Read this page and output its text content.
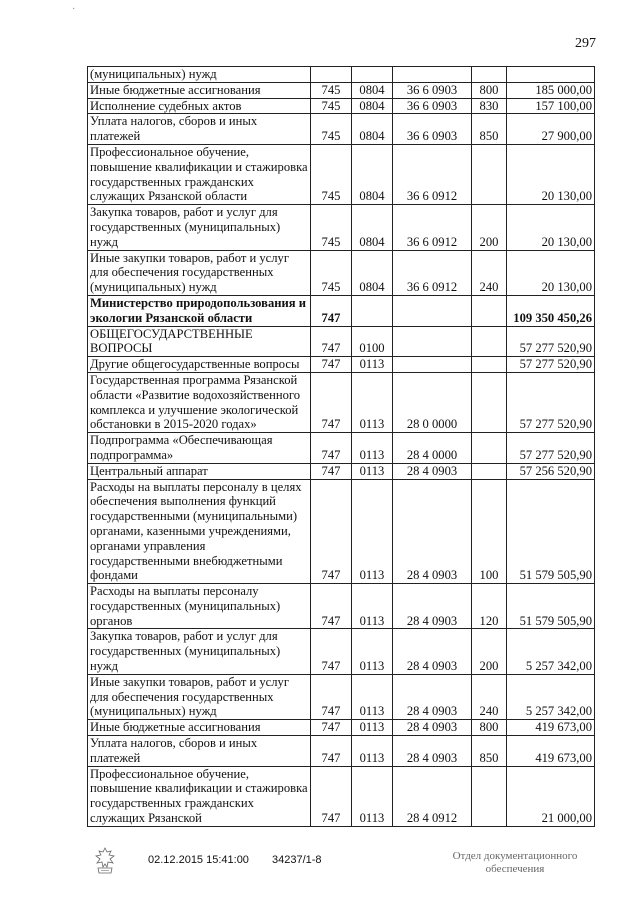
·
297
(муниципальных) нужд					
Иные бюджетные ассигнования	745	0804	36 6 0903	800	185 000,00
Исполнение судебных актов	745	0804	36 6 0903	830	157 100,00
Уплата налогов, сборов и иных платежей	745	0804	36 6 0903	850	27 900,00
Профессиональное обучение, повышение квалификации и стажировка государственных гражданских служащих Рязанской области	745	0804	36 6 0912		20 130,00
Закупка товаров, работ и услуг для государственных (муниципальных) нужд	745	0804	36 6 0912	200	20 130,00
Иные закупки товаров, работ и услуг для обеспечения государственных (муниципальных) нужд	745	0804	36 6 0912	240	20 130,00
Министерство природопользования и экологии Рязанской области	747				109 350 450,26
ОБЩЕГОСУДАРСТВЕННЫЕ ВОПРОСЫ	747	0100			57 277 520,90
Другие общегосударственные вопросы	747	0113			57 277 520,90
Государственная программа Рязанской области «Развитие водохозяйственного комплекса и улучшение экологической обстановки в 2015-2020 годах»	747	0113	28 0 0000		57 277 520,90
Подпрограмма «Обеспечивающая подпрограмма»	747	0113	28 4 0000		57 277 520,90
Центральный аппарат	747	0113	28 4 0903		57 256 520,90
Расходы на выплаты персоналу в целях обеспечения выполнения функций государственными (муниципальными) органами, казенными учреждениями, органами управления государственными внебюджетными фондами	747	0113	28 4 0903	100	51 579 505,90
Расходы на выплаты персоналу государственных (муниципальных) органов	747	0113	28 4 0903	120	51 579 505,90
Закупка товаров, работ и услуг для государственных (муниципальных) нужд	747	0113	28 4 0903	200	5 257 342,00
Иные закупки товаров, работ и услуг для обеспечения государственных (муниципальных) нужд	747	0113	28 4 0903	240	5 257 342,00
Иные бюджетные ассигнования	747	0113	28 4 0903	800	419 673,00
Уплата налогов, сборов и иных платежей	747	0113	28 4 0903	850	419 673,00
Профессиональное обучение, повышение квалификации и стажировка государственных гражданских служащих Рязанской	747	0113	28 4 0912		21 000,00
02.12.2015 15:41:00 34237/1-8	Отдел документационного
обеспечения
